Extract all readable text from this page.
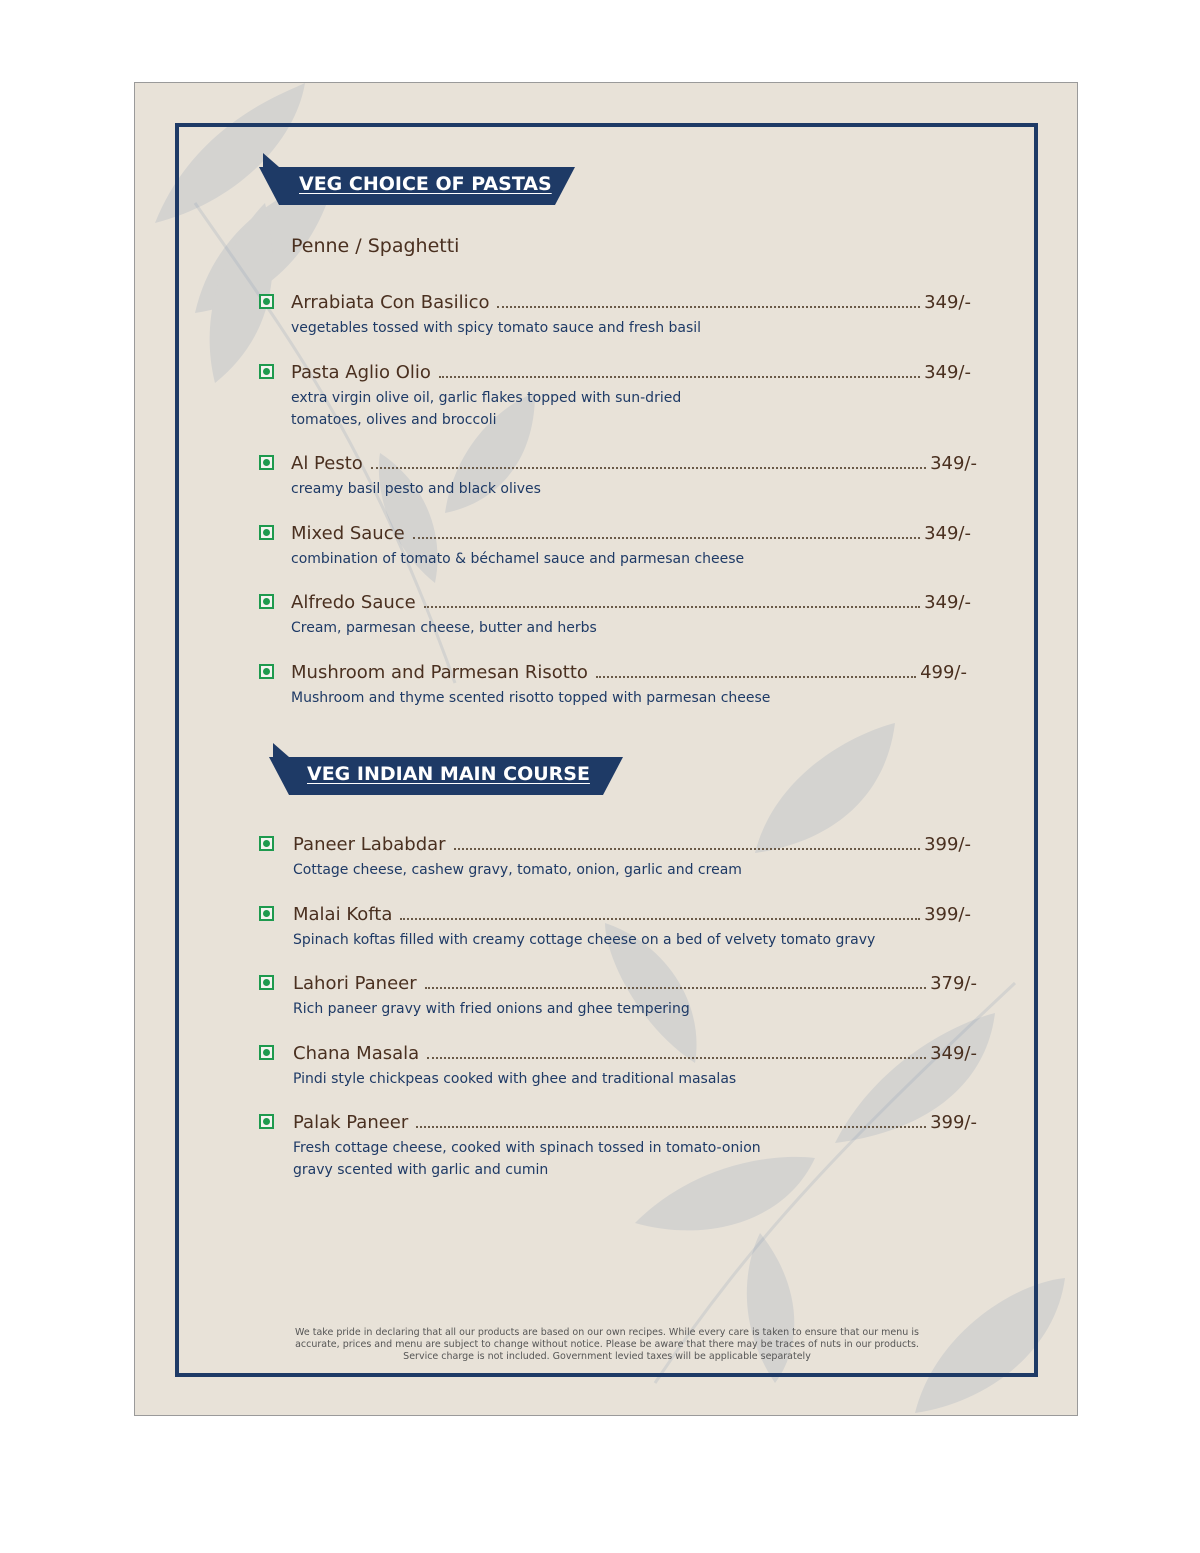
VEG CHOICE OF PASTAS
Penne / Spaghetti
Arrabiata Con Basilico	349/-
vegetables tossed with spicy tomato sauce and fresh basil
Pasta Aglio Olio	349/-
extra virgin olive oil, garlic flakes topped with sun-dried
tomatoes, olives and broccoli
Al Pesto	349/-
creamy basil pesto and black olives
Mixed Sauce	349/-
combination of tomato & béchamel sauce and parmesan cheese
Alfredo Sauce	349/-
Cream, parmesan cheese, butter and herbs
Mushroom and Parmesan Risotto	499/-
Mushroom and thyme scented risotto topped with parmesan cheese
VEG INDIAN MAIN COURSE
Paneer Lababdar	399/-
Cottage cheese, cashew gravy, tomato, onion, garlic and cream
Malai Kofta	399/-
Spinach koftas filled with creamy cottage cheese on a bed of velvety tomato gravy
Lahori Paneer	379/-
Rich paneer gravy with fried onions and ghee tempering
Chana Masala	349/-
Pindi style chickpeas cooked with ghee and traditional masalas
Palak Paneer	399/-
Fresh cottage cheese, cooked with spinach tossed in tomato-onion
gravy scented with garlic and cumin
We take pride in declaring that all our products are based on our own recipes. While every care is taken to ensure that our menu is accurate, prices and menu are subject to change without notice. Please be aware that there may be traces of nuts in our products. Service charge is not included. Government levied taxes will be applicable separately
